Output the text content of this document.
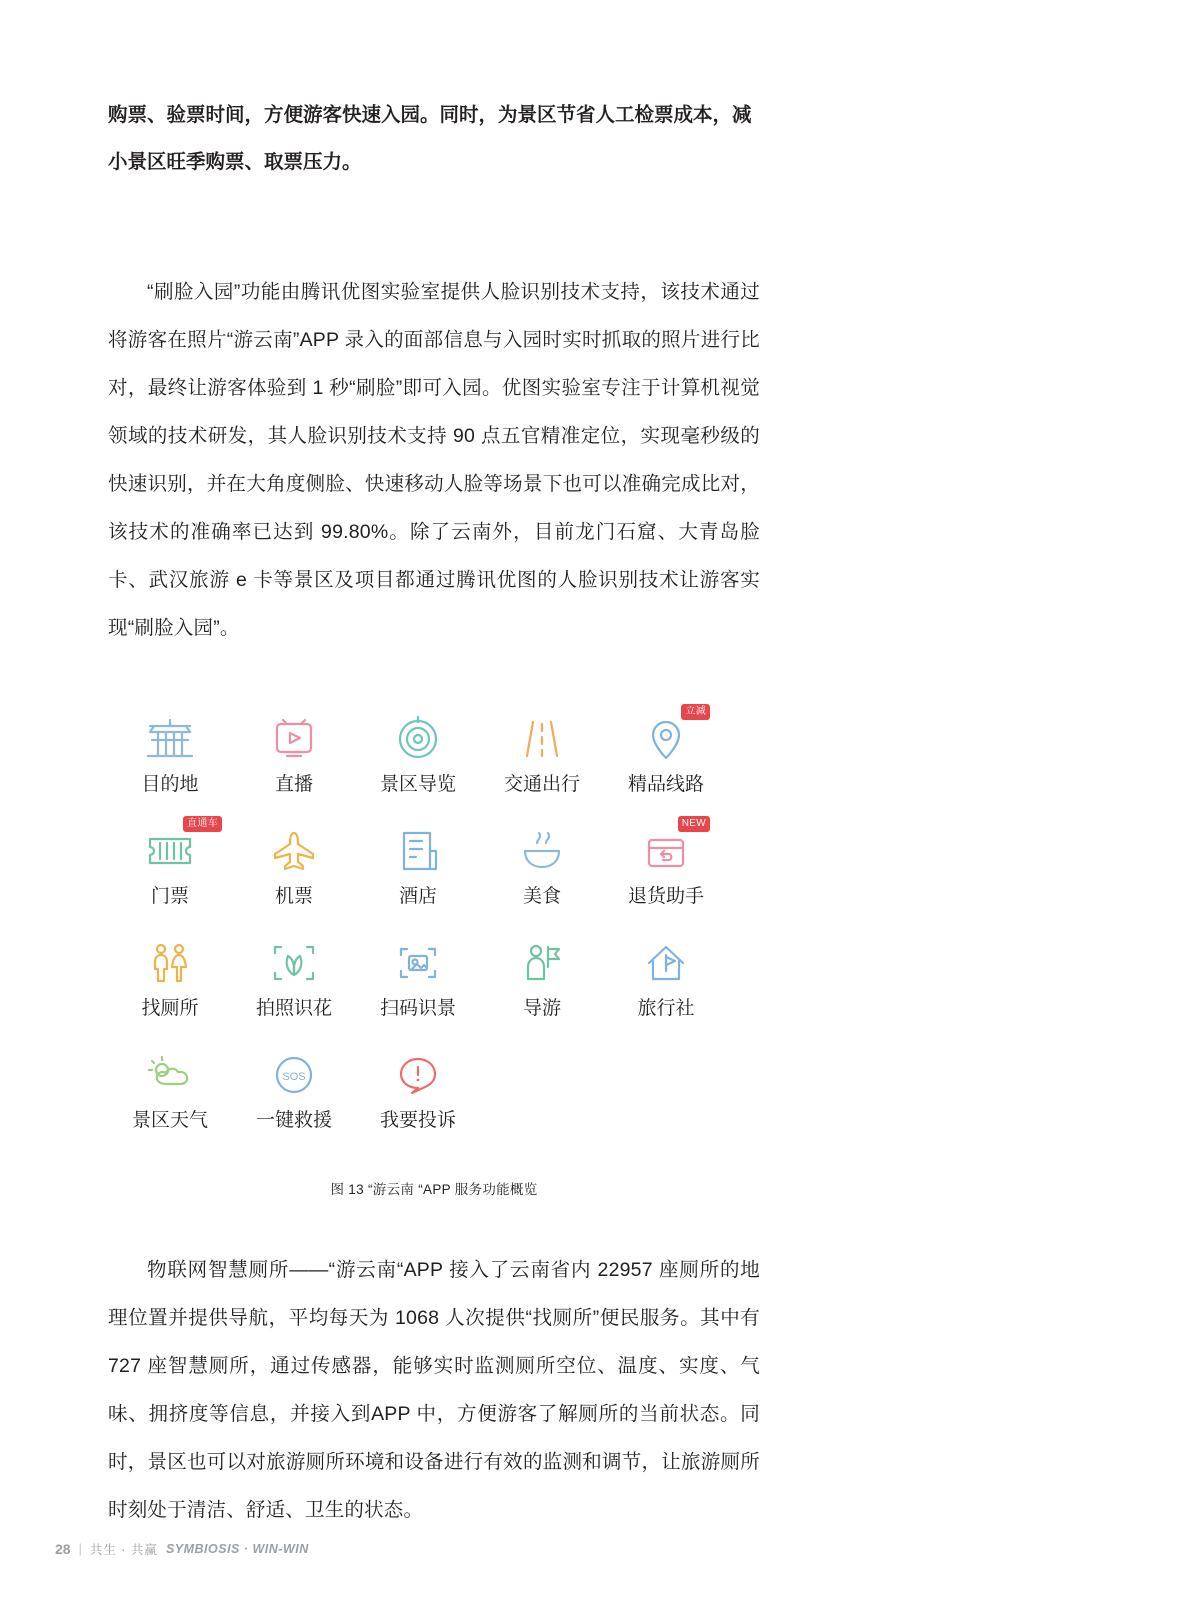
购票、验票时间，方便游客快速入园。同时，为景区节省人工检票成本，减小景区旺季购票、取票压力。

“刷脸入园”功能由腾讯优图实验室提供人脸识别技术支持，该技术通过将游客在照片“游云南”APP 录入的面部信息与入园时实时抓取的照片进行比对，最终让游客体验到 1 秒“刷脸”即可入园。优图实验室专注于计算机视觉领域的技术研发，其人脸识别技术支持 90 点五官精准定位，实现毫秒级的快速识别，并在大角度侧脸、快速移动人脸等场景下也可以准确完成比对，该技术的准确率已达到 99.80%。除了云南外，目前龙门石窟、大青岛脸卡、武汉旅游 e 卡等景区及项目都通过腾讯优图的人脸识别技术让游客实现“刷脸入园”。

目的地	直播	景区导览	交通出行
立减
精品线路
直通车
门票	机票	酒店	美食
NEW
退货助手
找厕所	拍照识花	扫码识景	导游	旅行社
景区天气
SOS
一键救援	我要投诉
图 13 “游云南 “APP 服务功能概览

物联网智慧厕所——“游云南“APP 接入了云南省内 22957 座厕所的地理位置并提供导航，平均每天为 1068 人次提供“找厕所”便民服务。其中有 727 座智慧厕所，通过传感器，能够实时监测厕所空位、温度、实度、气味、拥挤度等信息，并接入到APP 中，方便游客了解厕所的当前状态。同时，景区也可以对旅游厕所环境和设备进行有效的监测和调节，让旅游厕所时刻处于清洁、舒适、卫生的状态。

28 | 共生 · 共赢 SYMBIOSIS · WIN-WIN
